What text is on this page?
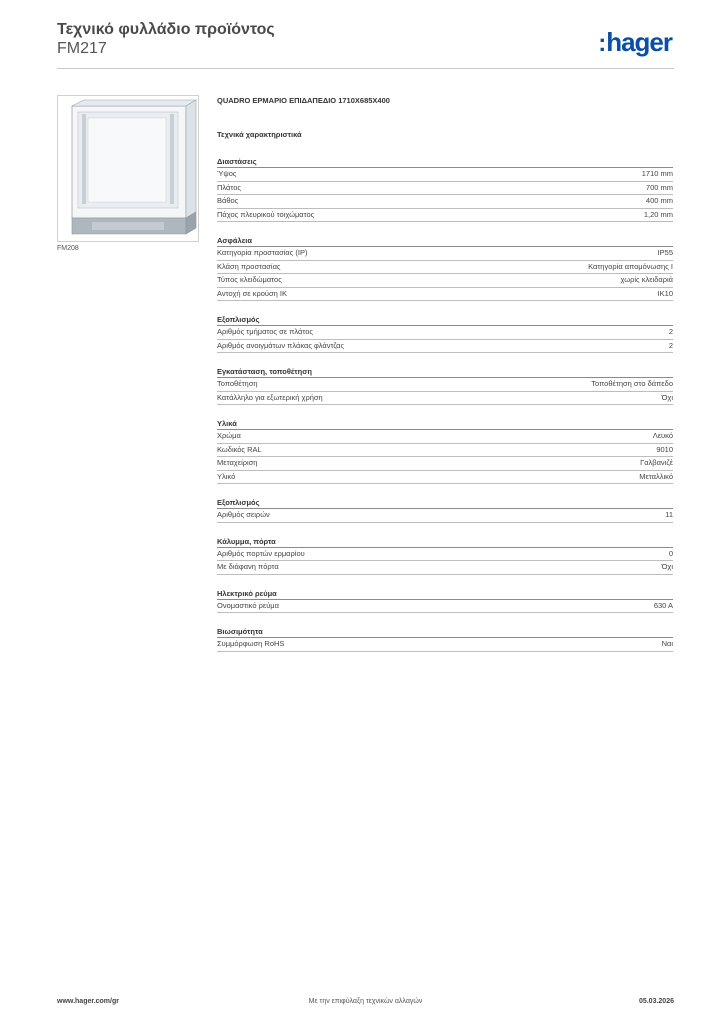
Τεχνικό φυλλάδιο προϊόντος
FM217	:hager
FM208
QUADRO ΕΡΜΑΡΙΟ ΕΠΙΔΑΠΕΔΙΟ 1710X685X400
Τεχνικά χαρακτηριστικά
Διαστάσεις
Ύψος	1710 mm
Πλάτος	700 mm
Βάθος	400 mm
Πάχος πλευρικού τοιχώματος	1,20 mm
Ασφάλεια
Κατηγορία προστασίας (IP)	IP55
Κλάση προστασίας	Κατηγορία απομόνωσης I
Τύπος κλειδώματος	χωρίς κλειδαριά
Αντοχή σε κρούση IK	IK10
Εξοπλισμός
Αριθμός τμήματος σε πλάτος	2
Αριθμός ανοιγμάτων πλάκας φλάντζας	2
Εγκατάσταση, τοποθέτηση
Τοποθέτηση	Τοποθέτηση στο δάπεδο
Κατάλληλο για εξωτερική χρήση	Όχι
Υλικά
Χρώμα	Λευκό
Κωδικός RAL	9010
Μεταχείριση	Γαλβανιζέ
Υλικό	Μεταλλικό
Εξοπλισμός
Αριθμός σειρών	11
Κάλυμμα, πόρτα
Αριθμός πορτών ερμαρίου	0
Με διάφανη πόρτα	Όχι
Ηλεκτρικό ρεύμα
Ονομαστικό ρεύμα	630 A
Βιωσιμότητα
Συμμόρφωση RoHS	Ναι
www.hager.com/gr	Με την επιφύλαξη τεχνικών αλλαγών	05.03.2026
